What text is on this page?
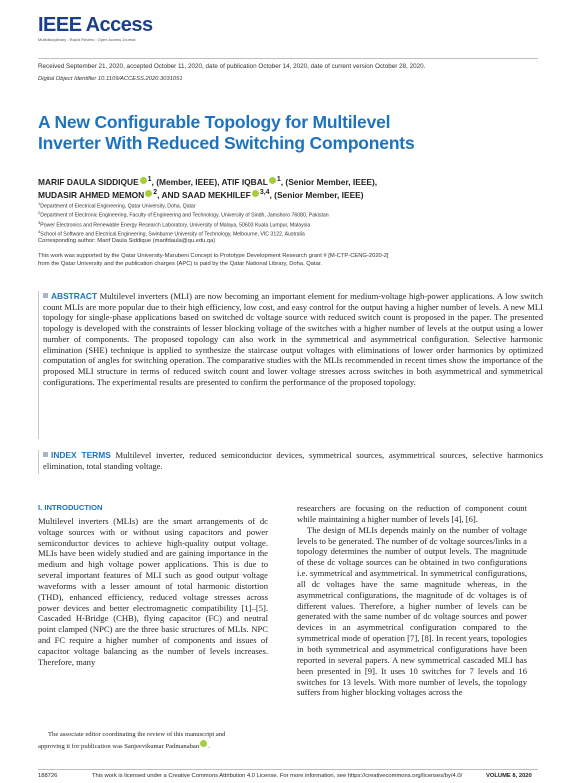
IEEE Access
Multidisciplinary : Rapid Review : Open Access Journal
Received September 21, 2020, accepted October 11, 2020, date of publication October 14, 2020, date of current version October 28, 2020.
Digital Object Identifier 10.1109/ACCESS.2020.3031051
A New Configurable Topology for Multilevel
Inverter With Reduced Switching Components
MARIF DAULA SIDDIQUE $^1$, (Member, IEEE), ATIF IQBAL $^1$, (Senior Member, IEEE),
MUDASIR AHMED MEMON $^2$, AND SAAD MEKHILEF $^{3,4}$, (Senior Member, IEEE)
$^1$Department of Electrical Engineering, Qatar University, Doha, Qatar
$^2$Department of Electronic Engineering, Faculty of Engineering and Technology, University of Sindh, Jamshoro 76080, Pakistan
$^3$Power Electronics and Renewable Energy Research Laboratory, University of Malaya, 50603 Kuala Lumpur, Malaysia
$^4$School of Software and Electrical Engineering, Swinburne University of Technology, Melbourne, VIC 3122, Australia
Corresponding author: Marif Daula Siddique (marifdaula@qu.edu.qa)
This work was supported by the Qatar University-Marubeni Concept to Prototype Development Research grant # [M-CTP-CENG-2020-2]
from the Qatar University and the publication charges (APC) is paid by the Qatar National Library, Doha, Qatar.
ABSTRACT Multilevel inverters (MLI) are now becoming an important element for medium-voltage high-power applications. A low switch count MLIs are more popular due to their high efficiency, low cost, and easy control for the output having a higher number of levels. A new MLI topology for single-phase applications based on switched dc voltage source with reduced switch count is proposed in the paper. The presented topology is developed with the constraints of lesser blocking voltage of the switches with a higher number of levels at the output using a lower number of components. The proposed topology can also work in the symmetrical and asymmetrical configuration. Selective harmonic elimination (SHE) technique is applied to synthesize the staircase output voltages with eliminations of lower order harmonics by optimized computation of angles for switching operation. The comparative studies with the MLIs recommended in recent times show the importance of the proposed MLI structure in terms of reduced switch count and lower voltage stresses across switches in both asymmetrical and symmetrical configurations. The experimental results are presented to confirm the performance of the proposed topology.
INDEX TERMS Multilevel inverter, reduced semiconductor devices, symmetrical sources, asymmetrical sources, selective harmonics elimination, total standing voltage.
I. INTRODUCTION

Multilevel inverters (MLIs) are the smart arrangements of dc voltage sources with or without using capacitors and power semiconductor devices to achieve high-quality output voltage. MLIs have been widely studied and are gaining importance in the medium and high voltage power applications. This is due to several important features of MLI such as good output voltage waveforms with a lesser amount of total harmonic distortion (THD), enhanced efficiency, reduced voltage stresses across power devices and better electromagnetic compatibility [1]–[5]. Cascaded H-Bridge (CHB), flying capacitor (FC) and neutral point clamped (NPC) are the three basic structures of MLIs. NPC and FC require a higher number of components and issues of capacitor voltage balancing as the number of levels increases. Therefore, many

The associate editor coordinating the review of this manuscript and
approving it for publication was Sanjeevikumar Padmanaban .

researchers are focusing on the reduction of component count while maintaining a higher number of levels [4], [6].

The design of MLIs depends mainly on the number of voltage levels to be generated. The number of dc voltage sources/links in a topology determines the number of output levels. The magnitude of these dc voltage sources can be obtained in two configurations i.e. symmetrical and asymmetrical. In symmetrical configurations, all dc voltages have the same magnitude whereas, in the asymmetrical configurations, the magnitude of dc voltages is of different values. Therefore, a higher number of levels can be generated with the same number of dc voltage sources and power devices in an asymmetrical configuration compared to the symmetrical mode of operation [7], [8]. In recent years, topologies in both symmetrical and asymmetrical configurations have been reported in several papers. A new symmetrical cascaded MLI has been presented in [9]. It uses 10 switches for 7 levels and 16 switches for 13 levels. With more number of levels, the topology suffers from higher blocking voltages across the

188726	This work is licensed under a Creative Commons Attribution 4.0 License. For more information, see https://creativecommons.org/licenses/by/4.0/	VOLUME 8, 2020
